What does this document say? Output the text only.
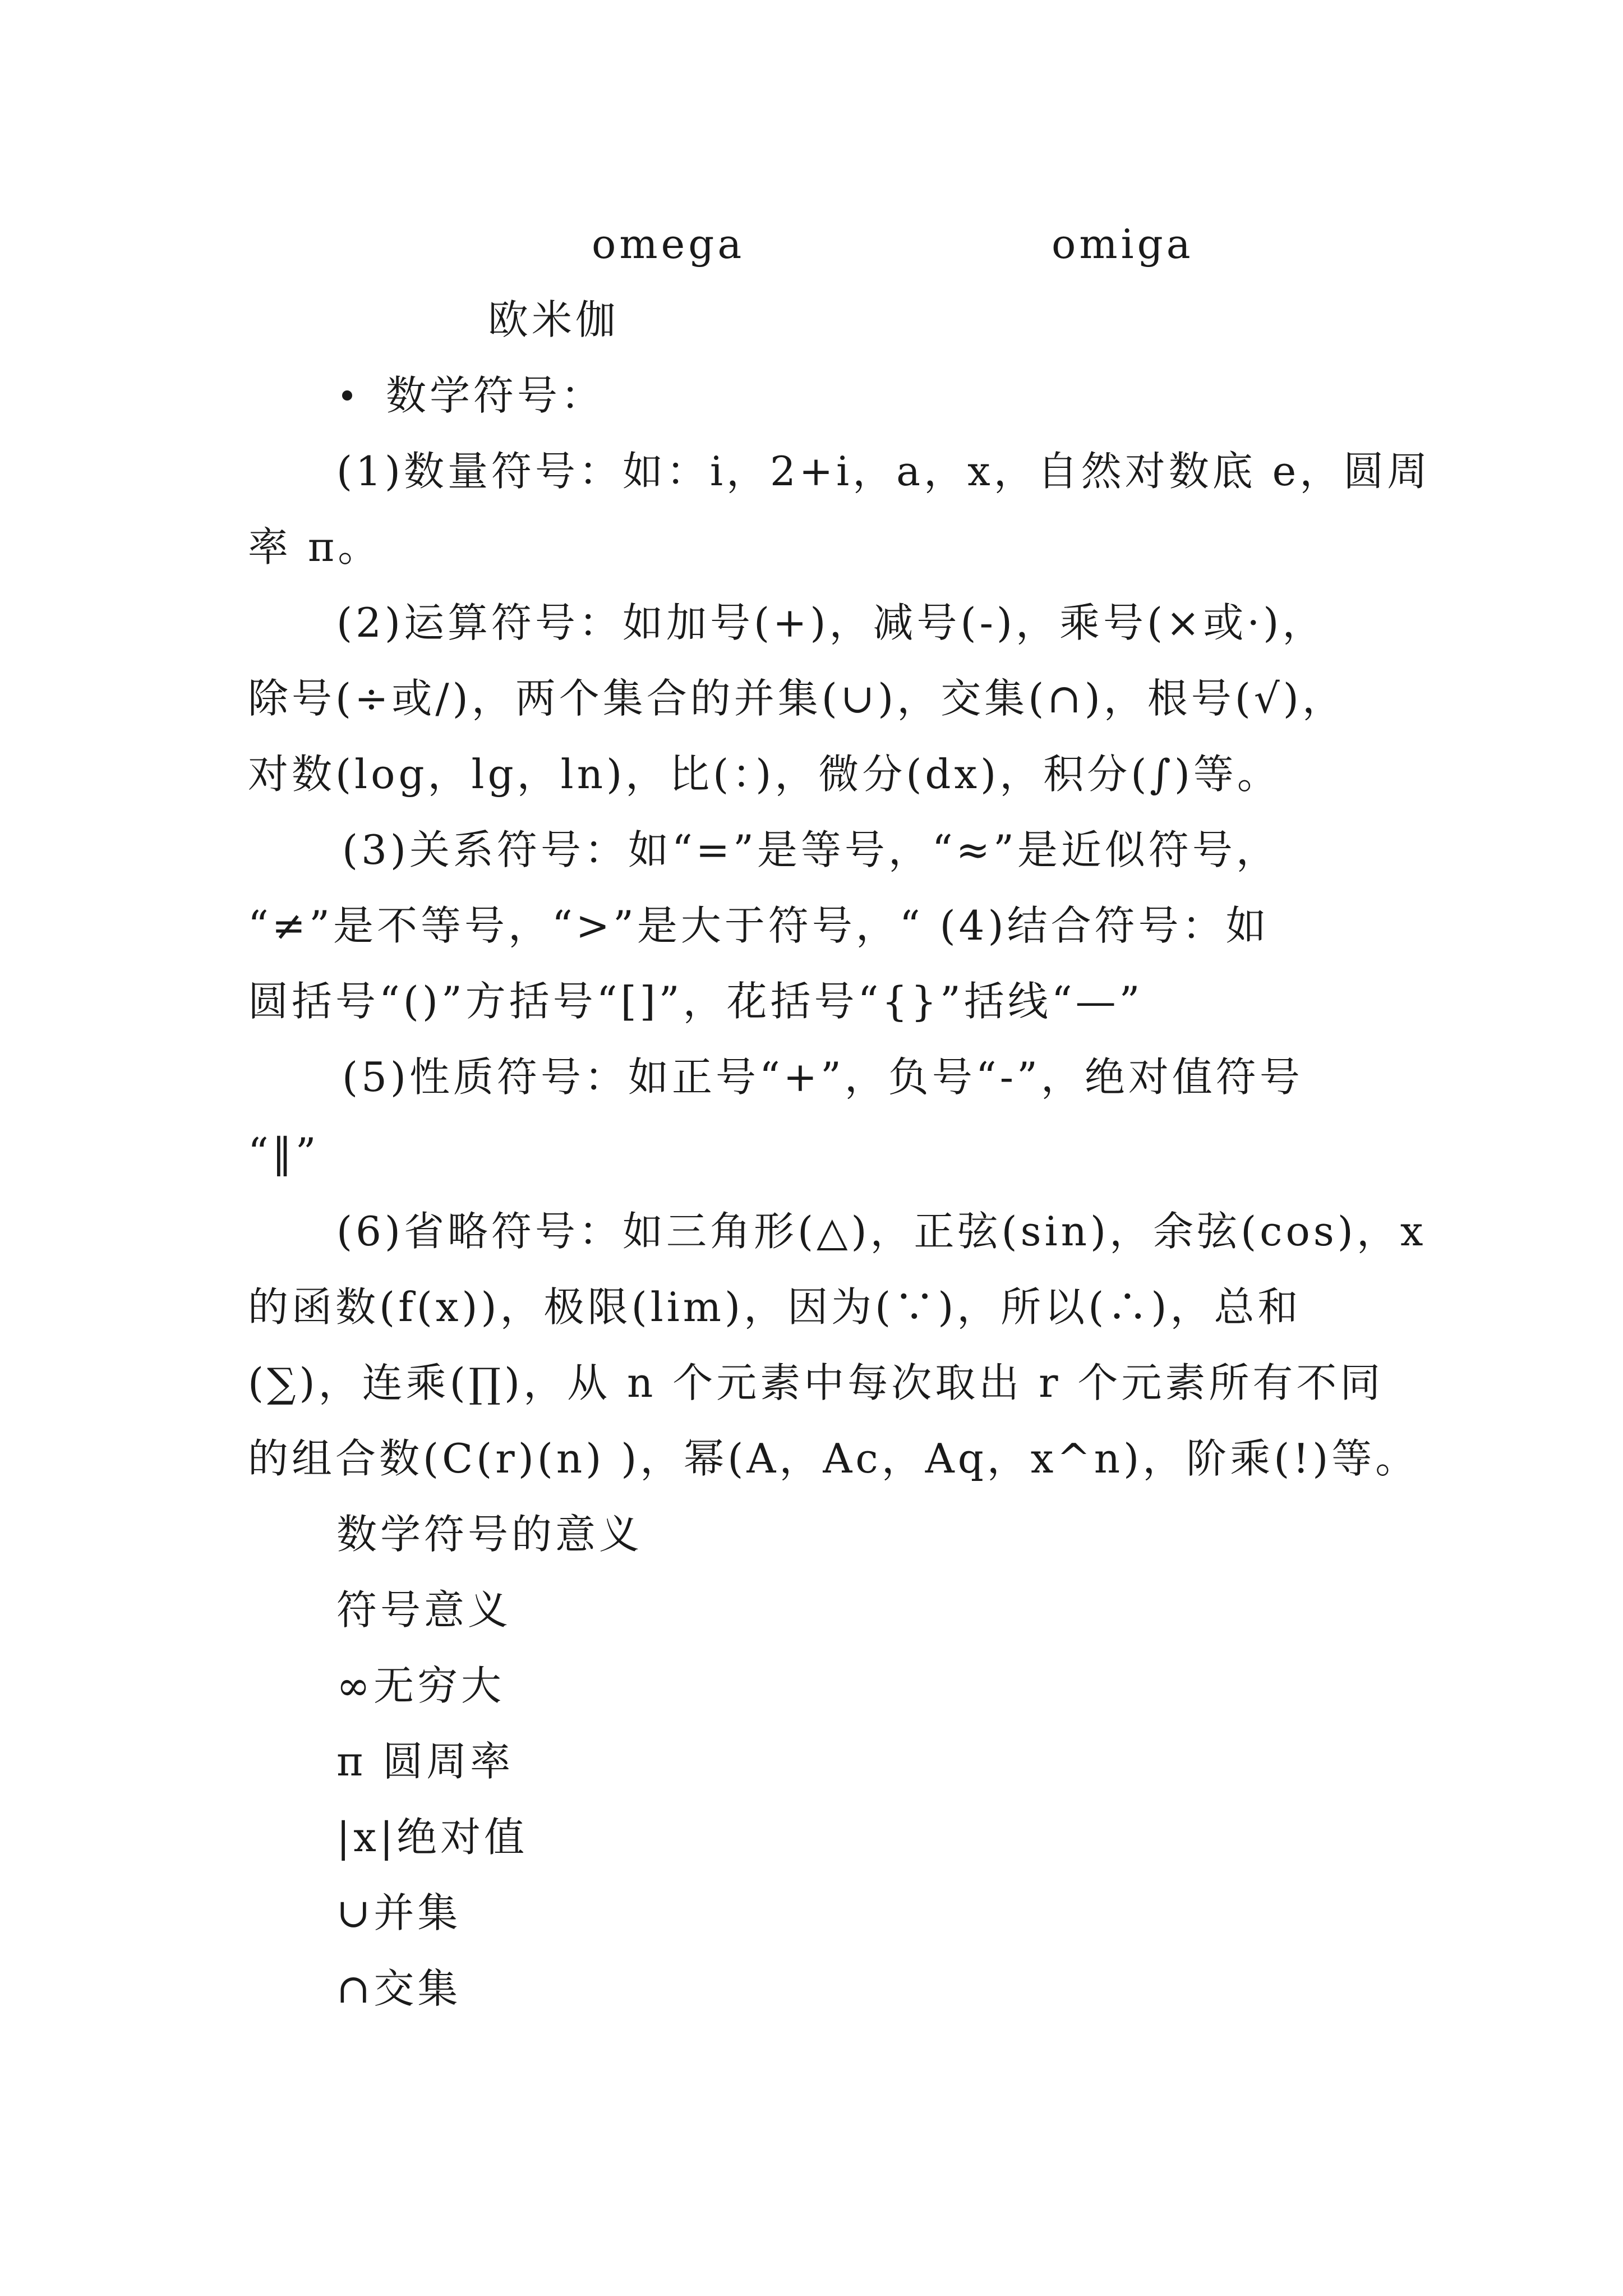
omega	omiga
欧米伽
数学符号：
(1)数量符号：如：i，2+i，a，x，自然对数底 e，圆周
率 π。
(2)运算符号：如加号(+)，减号(-)，乘号(×或·)，
除号(÷或/)，两个集合的并集(∪)，交集(∩)，根号(√)，
对数(log，lg，ln)，比(：)，微分(dx)，积分(∫)等。
(3)关系符号：如“=”是等号，“≈”是近似符号，
“≠”是不等号，“>”是大于符号，“ (4)结合符号：如
圆括号“()”方括号“[]”，花括号“{}”括线“—”
(5)性质符号：如正号“+”，负号“-”，绝对值符号
“‖”
(6)省略符号：如三角形(△)，正弦(sin)，余弦(cos)，x
的函数(f(x))，极限(lim)，因为(∵)，所以(∴)，总和
(∑)，连乘(∏)，从 n 个元素中每次取出 r 个元素所有不同
的组合数(C(r)(n) )，幂(A，Ac，Aq，x^n)，阶乘(!)等。
数学符号的意义
符号意义
∞无穷大
π 圆周率
|x|绝对值
∪并集
∩交集
